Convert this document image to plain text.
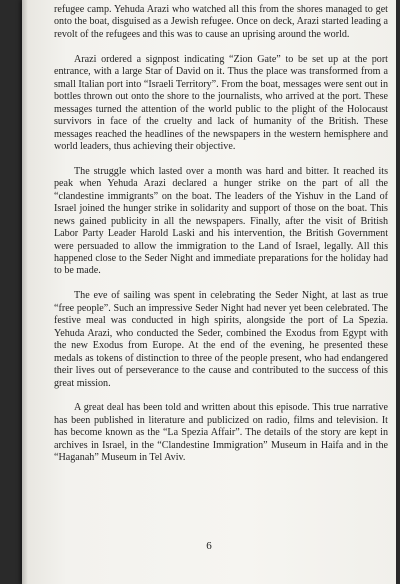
refugee camp. Yehuda Arazi who watched all this from the shores managed to get onto the boat, disguised as a Jewish refugee. Once on deck, Arazi started leading a revolt of the refugees and this was to cause an uprising around the world.

Arazi ordered a signpost indicating “Zion Gate” to be set up at the port entrance, with a large Star of David on it. Thus the place was transformed from a small Italian port into “Israeli Territory”. From the boat, messages were sent out in bottles thrown out onto the shore to the journalists, who arrived at the port. These messages turned the attention of the world public to the plight of the Holocaust survivors in face of the cruelty and lack of humanity of the British. These messages reached the headlines of the newspapers in the western hemisphere and world leaders, thus achieving their objective.

The struggle which lasted over a month was hard and bitter. It reached its peak when Yehuda Arazi declared a hunger strike on the part of all the “clandestine immigrants” on the boat. The leaders of the Yishuv in the Land of Israel joined the hunger strike in solidarity and support of those on the boat. This news gained publicity in all the newspapers. Finally, after the visit of British Labor Party Leader Harold Laski and his intervention, the British Government were persuaded to allow the immigration to the Land of Israel, legally. All this happened close to the Seder Night and immediate preparations for the holiday had to be made.

The eve of sailing was spent in celebrating the Seder Night, at last as true “free people”. Such an impressive Seder Night had never yet been celebrated. The festive meal was conducted in high spirits, alongside the port of La Spezia. Yehuda Arazi, who conducted the Seder, combined the Exodus from Egypt with the new Exodus from Europe. At the end of the evening, he presented these medals as tokens of distinction to three of the people present, who had endangered their lives out of perseverance to the cause and contributed to the success of this great mission.

A great deal has been told and written about this episode. This true narrative has been published in literature and publicized on radio, films and television. It has become known as the “La Spezia Affair”. The details of the story are kept in archives in Israel, in the “Clandestine Immigration” Museum in Haifa and in the “Haganah” Museum in Tel Aviv.

6
